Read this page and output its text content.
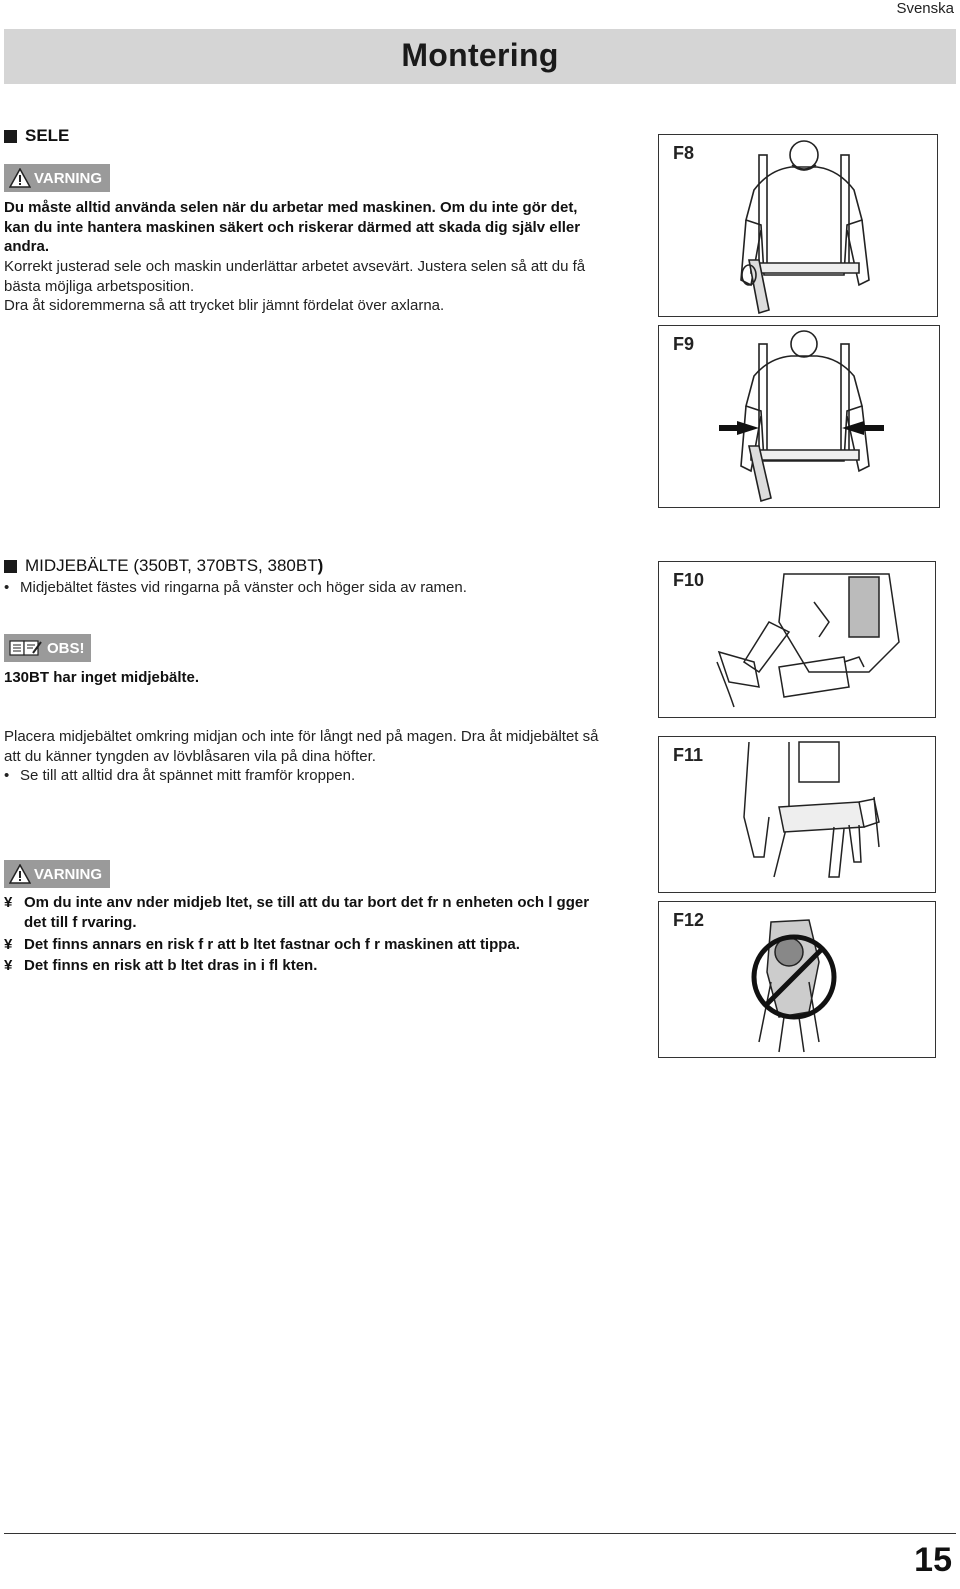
Svenska
Montering
SELE
VARNING
Du måste alltid använda selen när du arbetar med maskinen. Om du inte gör det, kan du inte hantera maskinen säkert och riskerar därmed att skada dig själv eller andra.
Korrekt justerad sele och maskin underlättar arbetet avsevärt. Justera selen så att du få bästa möjliga arbetsposition.
Dra åt sidoremmerna så att trycket blir jämnt fördelat över axlarna.
F8
F9
MIDJEBÄLTE ( 350BT, 370BTS, 380BT )
• Midjebältet fästes vid ringarna på vänster och höger sida av ramen.
OBS!
130BT har inget midjebälte.
Placera midjebältet omkring midjan och inte för långt ned på magen. Dra åt midjebältet så att du känner tyngden av lövblåsaren vila på dina höfter.
• Se till att alltid dra åt spännet mitt framför kroppen.
VARNING
¥ Om du inte anv nder midjeb ltet, se till att du tar bort det fr n enheten och l gger det till f rvaring.
¥ Det finns annars en risk f r att b ltet fastnar och f r maskinen att tippa.
¥ Det finns en risk att b ltet dras in i fl kten.
F10
F11
F12
15
